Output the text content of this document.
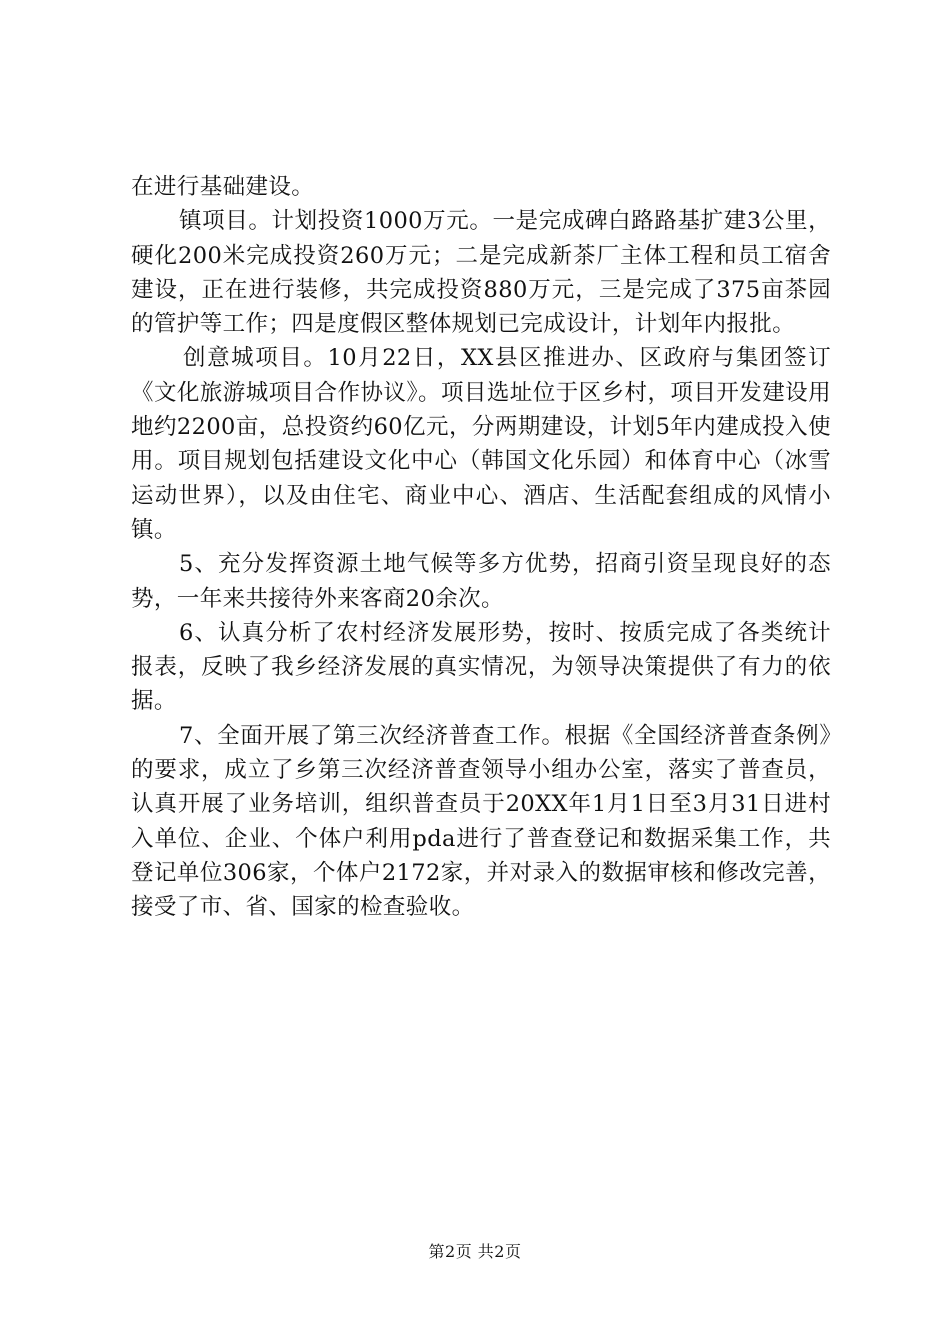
在进行基础建设。

镇项目。计划投资1000万元。一是完成碑白路路基扩建3公里，硬化200米完成投资260万元；二是完成新茶厂主体工程和员工宿舍建设，正在进行装修，共完成投资880万元，三是完成了375亩茶园的管护等工作；四是度假区整体规划已完成设计，计划年内报批。

创意城项目。10月22日，XX县区推进办、区政府与集团签订《文化旅游城项目合作协议》。项目选址位于区乡村，项目开发建设用地约2200亩，总投资约60亿元，分两期建设，计划5年内建成投入使用。项目规划包括建设文化中心（韩国文化乐园）和体育中心（冰雪运动世界），以及由住宅、商业中心、酒店、生活配套组成的风情小镇。

5、充分发挥资源土地气候等多方优势，招商引资呈现良好的态势，一年来共接待外来客商20余次。

6、认真分析了农村经济发展形势，按时、按质完成了各类统计报表，反映了我乡经济发展的真实情况，为领导决策提供了有力的依据。

7、全面开展了第三次经济普查工作。根据《全国经济普查条例》的要求，成立了乡第三次经济普查领导小组办公室，落实了普查员，认真开展了业务培训，组织普查员于20XX年1月1日至3月31日进村入单位、企业、个体户利用pda进行了普查登记和数据采集工作，共登记单位306家，个体户2172家，并对录入的数据审核和修改完善，接受了市、省、国家的检查验收。

第2页 共2页
